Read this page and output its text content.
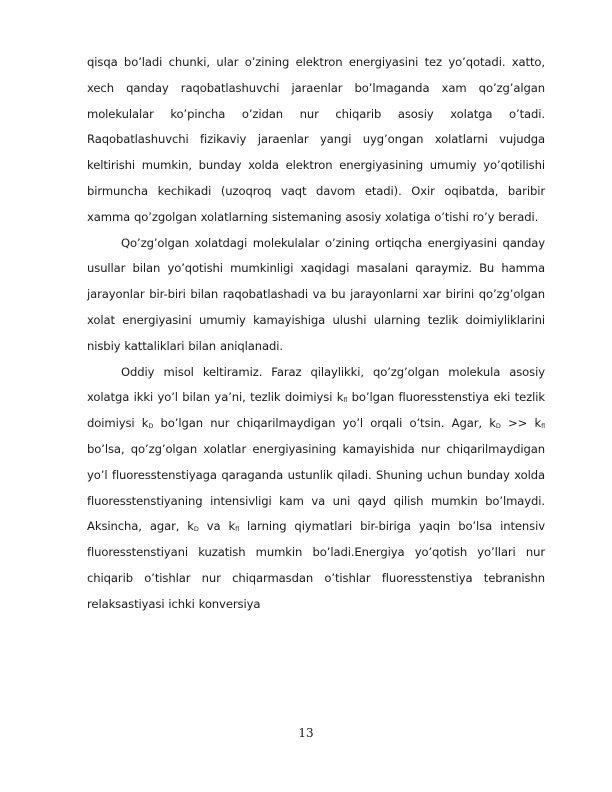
qisqa bo’ladi chunki, ular o’zining elektron energiyasini tez yo’qotadi. xatto, xech qanday raqobatlashuvchi jaraenlar bo’lmaganda xam qo’zg’algan molekulalar ko’pincha o’zidan nur chiqarib asosiy xolatga o’tadi. Raqobatlashuvchi fizikaviy jaraenlar yangi uyg’ongan xolatlarni vujudga keltirishi mumkin, bunday xolda elektron energiyasining umumiy yo’qotilishi birmuncha kechikadi (uzoqroq vaqt davom etadi). Oxir oqibatda, baribir xamma qo’zgolgan xolatlarning sistemaning asosiy xolatiga o’tishi ro’y beradi.

Qo’zg’olgan xolatdagi molekulalar o’zining ortiqcha energiyasini qanday usullar bilan yo’qotishi mumkinligi xaqidagi masalani qaraymiz. Bu hamma jarayonlar bir-biri bilan raqobatlashadi va bu jarayonlarni xar birini qo’zg’olgan xolat energiyasini umumiy kamayishiga ulushi ularning tezlik doimiyliklarini nisbiy kattaliklari bilan aniqlanadi.

Oddiy misol keltiramiz. Faraz qilaylikki, qo’zg’olgan molekula asosiy xolatga ikki yo’l bilan ya’ni, tezlik doimiysi kfl bo’lgan fluoresstenstiya eki tezlik doimiysi kD bo’lgan nur chiqarilmaydigan yo’l orqali o’tsin. Agar, kD >> kfl bo’lsa, qo’zg’olgan xolatlar energiyasining kamayishida nur chiqarilmaydigan yo’l fluoresstenstiyaga qaraganda ustunlik qiladi. Shuning uchun bunday xolda fluoresstenstiyaning intensivligi kam va uni qayd qilish mumkin bo’lmaydi. Aksincha, agar, kD va kfl larning qiymatlari bir-biriga yaqin bo’lsa intensiv fluoresstenstiyani kuzatish mumkin bo’ladi.Energiya yo’qotish yo’llari nur chiqarib o’tishlar nur chiqarmasdan o’tishlar fluoresstenstiya tebranishn relaksastiyasi ichki konversiya

13
